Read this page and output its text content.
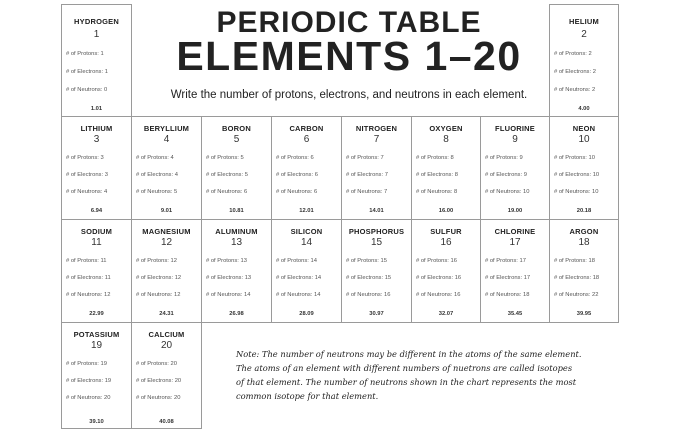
PERIODIC TABLE
ELEMENTS 1–20
Write the number of protons, electrons, and neutrons in each element.
HYDROGEN
1
# of Protons: 1
# of Electrons: 1
# of Neutrons: 0
1.01
HELIUM
2
# of Protons: 2
# of Electrons: 2
# of Neutrons: 2
4.00
LITHIUM
3
# of Protons: 3
# of Electrons: 3
# of Neutrons: 4
6.94
BERYLLIUM
4
# of Protons: 4
# of Electrons: 4
# of Neutrons: 5
9.01
BORON
5
# of Protons: 5
# of Electrons: 5
# of Neutrons: 6
10.81
CARBON
6
# of Protons: 6
# of Electrons: 6
# of Neutrons: 6
12.01
NITROGEN
7
# of Protons: 7
# of Electrons: 7
# of Neutrons: 7
14.01
OXYGEN
8
# of Protons: 8
# of Electrons: 8
# of Neutrons: 8
16.00
FLUORINE
9
# of Protons: 9
# of Electrons: 9
# of Neutrons: 10
19.00
NEON
10
# of Protons: 10
# of Electrons: 10
# of Neutrons: 10
20.18
SODIUM
11
# of Protons: 11
# of Electrons: 11
# of Neutrons: 12
22.99
MAGNESIUM
12
# of Protons: 12
# of Electrons: 12
# of Neutrons: 12
24.31
ALUMINUM
13
# of Protons: 13
# of Electrons: 13
# of Neutrons: 14
26.98
SILICON
14
# of Protons: 14
# of Electrons: 14
# of Neutrons: 14
28.09
PHOSPHORUS
15
# of Protons: 15
# of Electrons: 15
# of Neutrons: 16
30.97
SULFUR
16
# of Protons: 16
# of Electrons: 16
# of Neutrons: 16
32.07
CHLORINE
17
# of Protons: 17
# of Electrons: 17
# of Neutrons: 18
35.45
ARGON
18
# of Protons: 18
# of Electrons: 18
# of Neutrons: 22
39.95
POTASSIUM
19
# of Protons: 19
# of Electrons: 19
# of Neutrons: 20
39.10
CALCIUM
20
# of Protons: 20
# of Electrons: 20
# of Neutrons: 20
40.08
Note: The number of neutrons may be different in the atoms of the same element.
The atoms of an element with different numbers of nuetrons are called isotopes
of that element. The number of neutrons shown in the chart represents the most
common isotope for that element.
